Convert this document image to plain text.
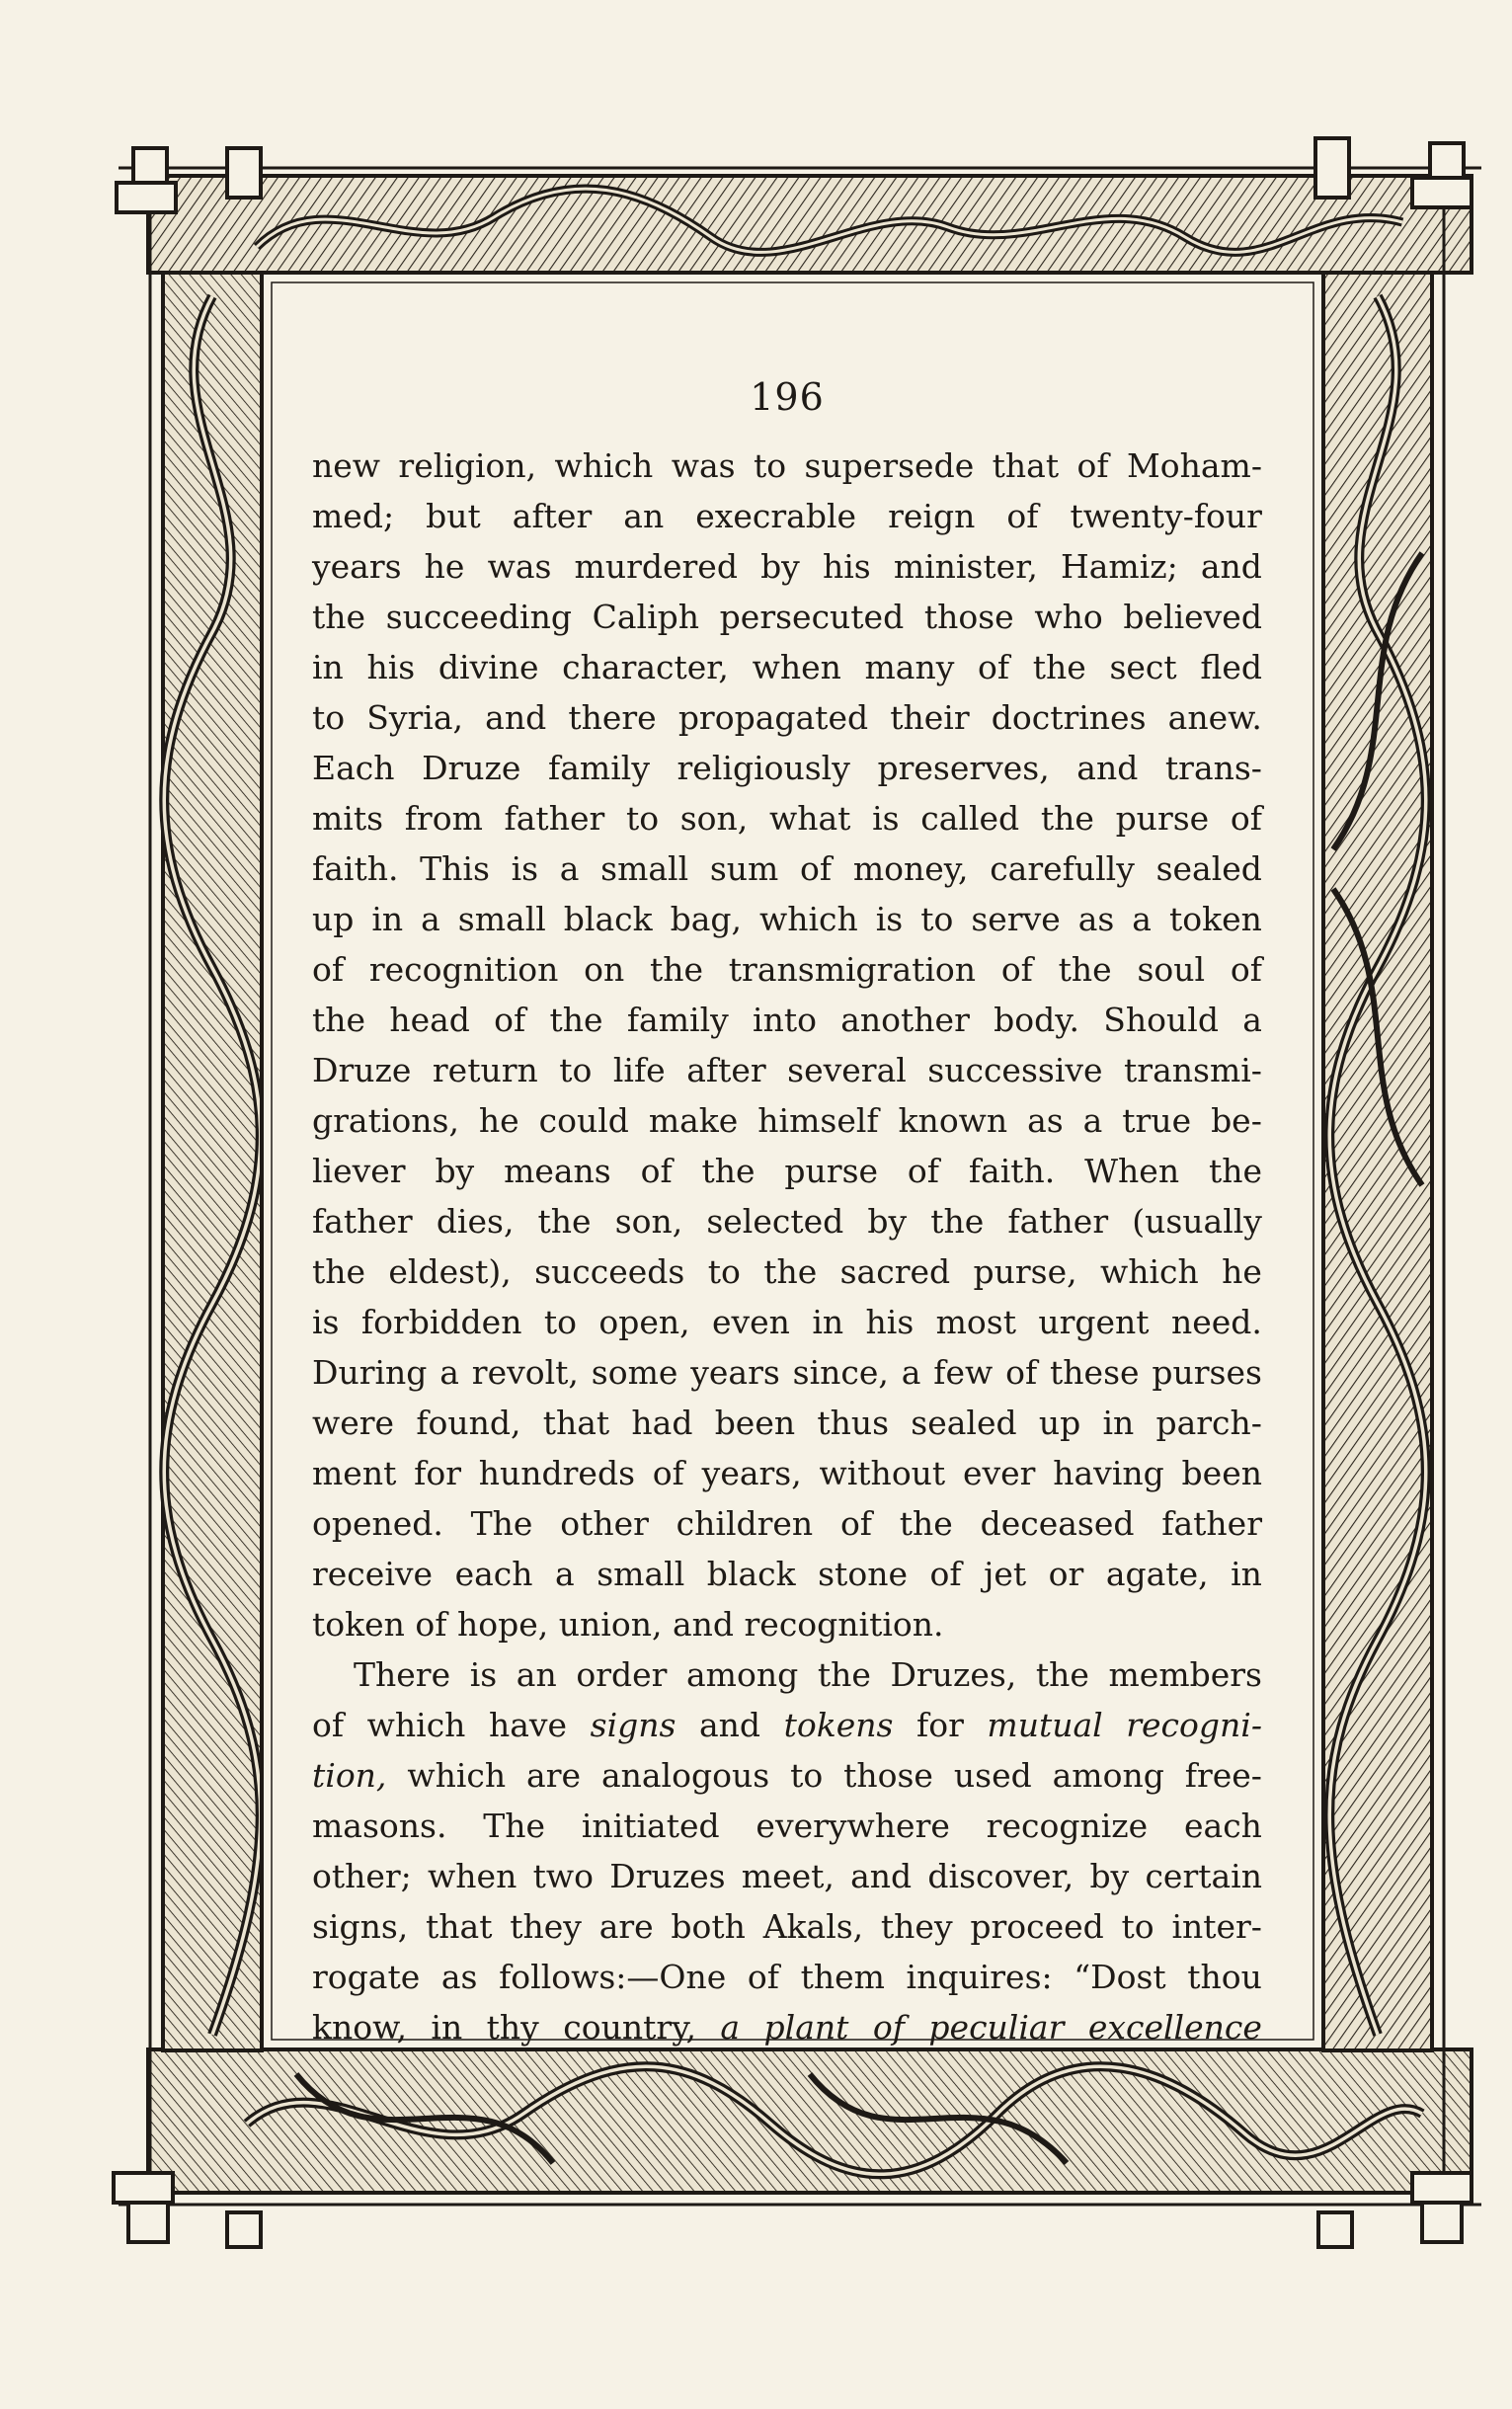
196
new religion, which was to supersede that of Moham-
med; but after an execrable reign of twenty-four
years he was murdered by his minister, Hamiz; and
the succeeding Caliph persecuted those who believed
in his divine character, when many of the sect fled
to Syria, and there propagated their doctrines anew.
Each Druze family religiously preserves, and trans-
mits from father to son, what is called the purse of
faith. This is a small sum of money, carefully sealed
up in a small black bag, which is to serve as a token
of recognition on the transmigration of the soul of
the head of the family into another body. Should a
Druze return to life after several successive transmi-
grations, he could make himself known as a true be-
liever by means of the purse of faith. When the
father dies, the son, selected by the father (usually
the eldest), succeeds to the sacred purse, which he
is forbidden to open, even in his most urgent need.
During a revolt, some years since, a few of these purses
were found, that had been thus sealed up in parch-
ment for hundreds of years, without ever having been
opened. The other children of the deceased father
receive each a small black stone of jet or agate, in
token
of
hope,
union,
and
recognition.
There is an order among the Druzes, the members
of which have signs and tokens for mutual recogni-
tion, which are analogous to those used among free-
masons. The initiated everywhere recognize each
other; when two Druzes meet, and discover, by certain
signs, that they are both Akals, they proceed to inter-
rogate as follows:—One of them inquires: “Dost thou
know, in thy country, a plant of peculiar excellence
